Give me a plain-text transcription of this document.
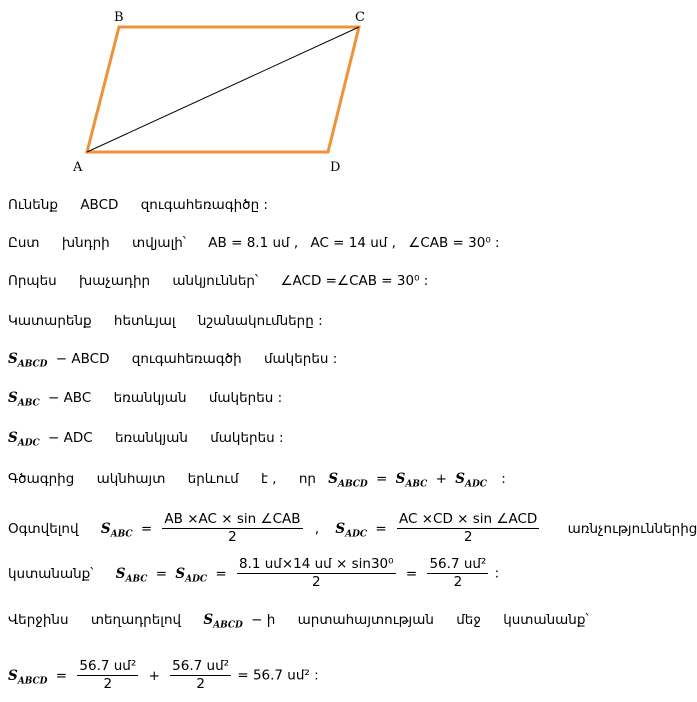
B	C
A	D
Ունենք ABCD զուգահեռագիծը :
Ըստ խնդրի տվյալի՝ AB = 8.1 սմ , AC = 14 սմ , ∠CAB = 30⁰ :
Որպես խաչադիր անկյուններ՝ ∠ACD =∠CAB = 30⁰ :
Կատարենք հետևյալ նշանակումները :
$S_{ABCD}$ − ABCD զուգահեռագծի մակերես :
$S_{ABC}$ − ABC եռանկյան մակերես :
$S_{ADC}$ − ADC եռանկյան մակերես :
Գծագրից ակնհայտ երևում է , որ $S_{ABCD} = S_{ABC} + S_{ADC}$ :
Օգտվելով $S_{ABC} = \frac{\text{AB ×AC × sin ∠CAB}}{2}$ , $S_{ADC} = \frac{\text{AC ×CD × sin ∠ACD}}{2}$ առնչություններից
կստանանք՝ $S_{ABC} = S_{ADC} = \frac{\text{8.1 սմ×14 սմ × sin30⁰}}{2} = \frac{\text{56.7 սմ²}}{2}$ :
Վերջինս տեղադրելով $S_{ABCD}$ − ի արտահայտության մեջ կստանանք՝
$S_{ABCD} = \frac{\text{56.7 սմ²}}{2} + \frac{\text{56.7 սմ²}}{2} = 56.7$ սմ² :
